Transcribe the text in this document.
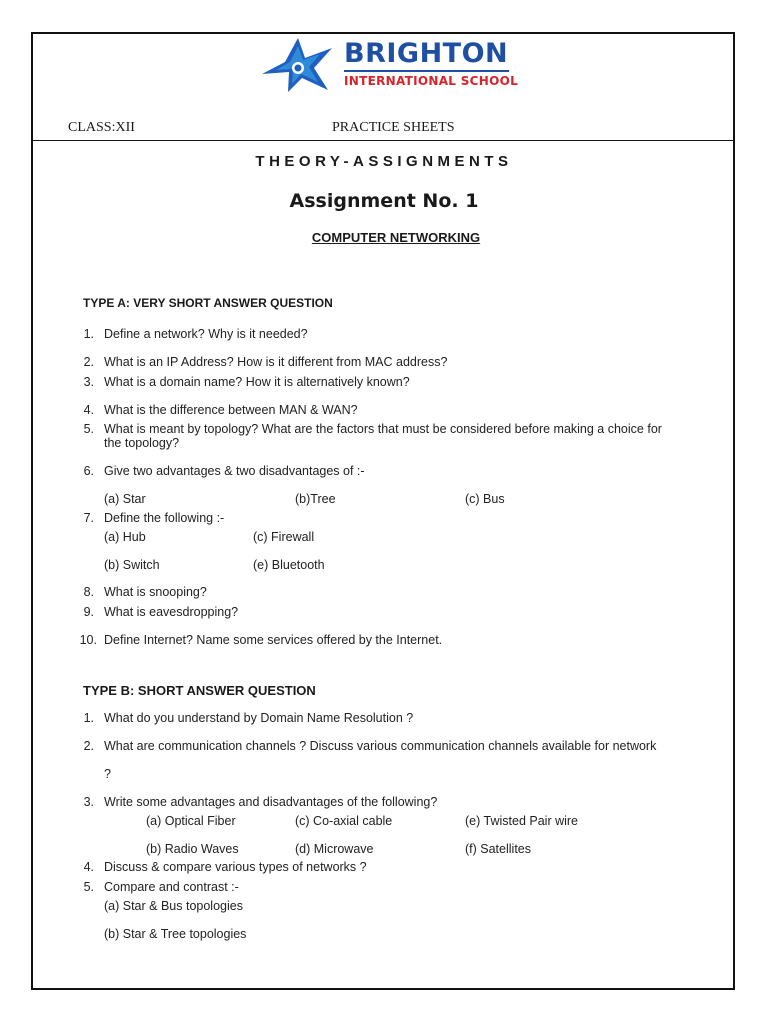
BRIGHTON
INTERNATIONAL SCHOOL
CLASS:XII	PRACTICE SHEETS
THEORY-ASSIGNMENTS
Assignment No. 1
COMPUTER NETWORKING
TYPE A: VERY SHORT ANSWER QUESTION
1. Define a network? Why is it needed?
2. What is an IP Address? How is it different from MAC address?
3. What is a domain name? How it is alternatively known?
4. What is the difference between MAN & WAN?
5. What is meant by topology? What are the factors that must be considered before making a choice for
the topology?
6. Give two advantages & two disadvantages of :-
(a) Star	(b)Tree	(c) Bus
7. Define the following :-
(a) Hub	(c) Firewall
(b) Switch	(e) Bluetooth
8. What is snooping?
9. What is eavesdropping?
10. Define Internet? Name some services offered by the Internet.
TYPE B: SHORT ANSWER QUESTION
1. What do you understand by Domain Name Resolution ?
2. What are communication channels ? Discuss various communication channels available for network
?
3. Write some advantages and disadvantages of the following?
(a) Optical Fiber	(c) Co-axial cable	(e) Twisted Pair wire
(b) Radio Waves	(d) Microwave	(f) Satellites
4. Discuss & compare various types of networks ?
5. Compare and contrast :-
(a) Star & Bus topologies
(b) Star & Tree topologies
